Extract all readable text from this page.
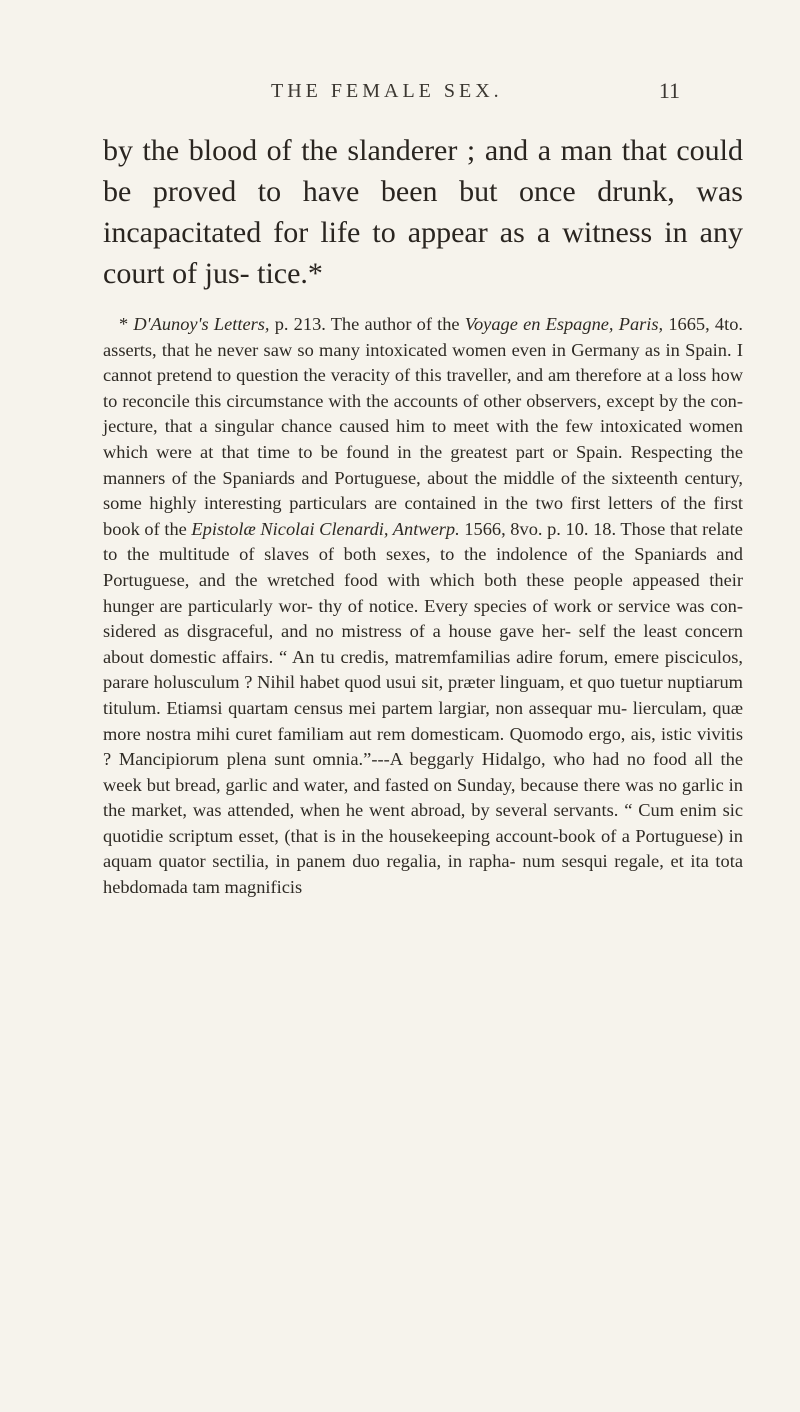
THE FEMALE SEX.	11

by the blood of the slanderer ; and a man that could be proved to have been but once drunk, was incapacitated for life to appear as a witness in any court of jus- tice.*

* D'Aunoy's Letters, p. 213. The author of the Voyage en Espagne, Paris, 1665, 4to. asserts, that he never saw so many intoxicated women even in Germany as in Spain. I cannot pretend to question the veracity of this traveller, and am therefore at a loss how to reconcile this circumstance with the accounts of other observers, except by the con- jecture, that a singular chance caused him to meet with the few intoxicated women which were at that time to be found in the greatest part or Spain. Respecting the manners of the Spaniards and Portuguese, about the middle of the sixteenth century, some highly interesting particulars are contained in the two first letters of the first book of the Epistolæ Nicolai Clenardi, Antwerp. 1566, 8vo. p. 10. 18. Those that relate to the multitude of slaves of both sexes, to the indolence of the Spaniards and Portuguese, and the wretched food with which both these people appeased their hunger are particularly wor- thy of notice. Every species of work or service was con- sidered as disgraceful, and no mistress of a house gave her- self the least concern about domestic affairs. “ An tu credis, matremfamilias adire forum, emere pisciculos, parare holusculum ? Nihil habet quod usui sit, præter linguam, et quo tuetur nuptiarum titulum. Etiamsi quartam census mei partem largiar, non assequar mu- lierculam, quæ more nostra mihi curet familiam aut rem domesticam. Quomodo ergo, ais, istic vivitis ? Mancipiorum plena sunt omnia.”---A beggarly Hidalgo, who had no food all the week but bread, garlic and water, and fasted on Sunday, because there was no garlic in the market, was attended, when he went abroad, by several servants. “ Cum enim sic quotidie scriptum esset, (that is in the housekeeping account-book of a Portuguese) in aquam quator sectilia, in panem duo regalia, in rapha- num sesqui regale, et ita tota hebdomada tam magnificis
